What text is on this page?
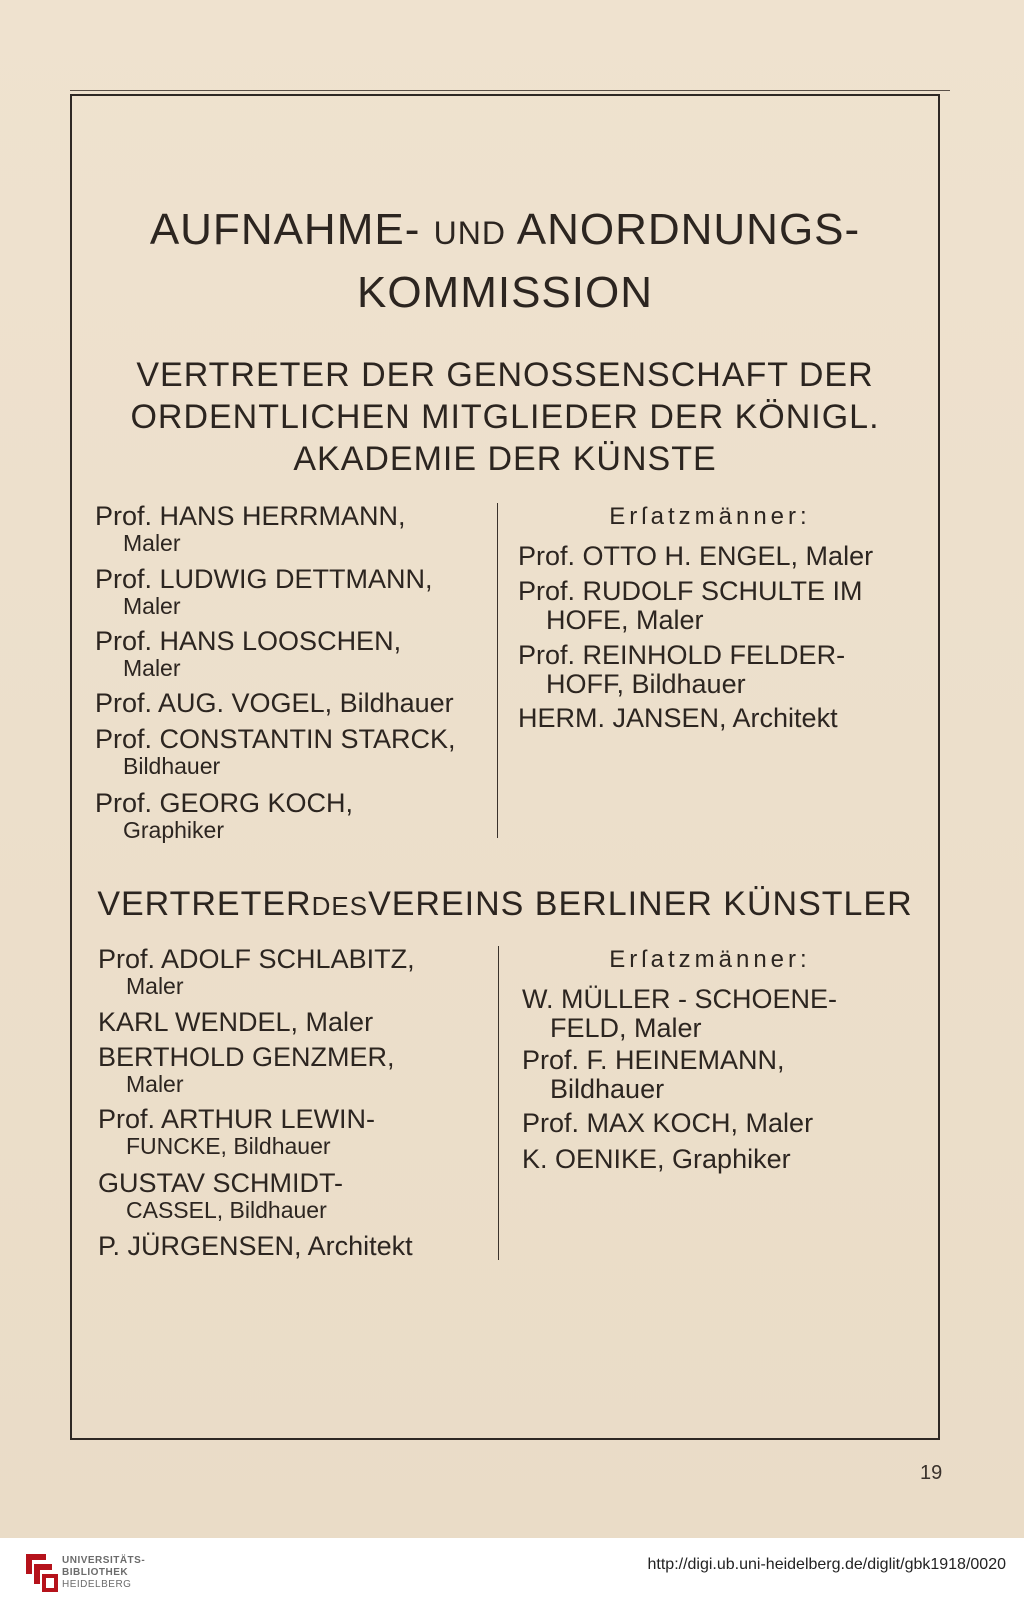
AUFNAHME- UND ANORDNUNGS-
KOMMISSION
VERTRETER DER GENOSSENSCHAFT DER
ORDENTLICHEN MITGLIEDER DER KÖNIGL.
AKADEMIE DER KÜNSTE
Prof. HANS HERRMANN,
Maler
Prof. LUDWIG DETTMANN,
Maler
Prof. HANS LOOSCHEN,
Maler
Prof. AUG. VOGEL, Bildhauer
Prof. CONSTANTIN STARCK,
Bildhauer
Prof. GEORG KOCH,
Graphiker
Erſatzmänner:
Prof. OTTO H. ENGEL, Maler
Prof. RUDOLF SCHULTE IM
HOFE, Maler
Prof. REINHOLD FELDER-
HOFF, Bildhauer
HERM. JANSEN, Architekt
VERTRETERDESVEREINS BERLINER KÜNSTLER
Prof. ADOLF SCHLABITZ,
Maler
KARL WENDEL, Maler
BERTHOLD GENZMER,
Maler
Prof. ARTHUR LEWIN-
FUNCKE, Bildhauer
GUSTAV SCHMIDT-
CASSEL, Bildhauer
P. JÜRGENSEN, Architekt
Erſatzmänner:
W. MÜLLER - SCHOENE-
FELD, Maler
Prof. F. HEINEMANN,
Bildhauer
Prof. MAX KOCH, Maler
K. OENIKE, Graphiker
19
UNIVERSITÄTS-
BIBLIOTHEK
HEIDELBERG
http://digi.ub.uni-heidelberg.de/diglit/gbk1918/0020
